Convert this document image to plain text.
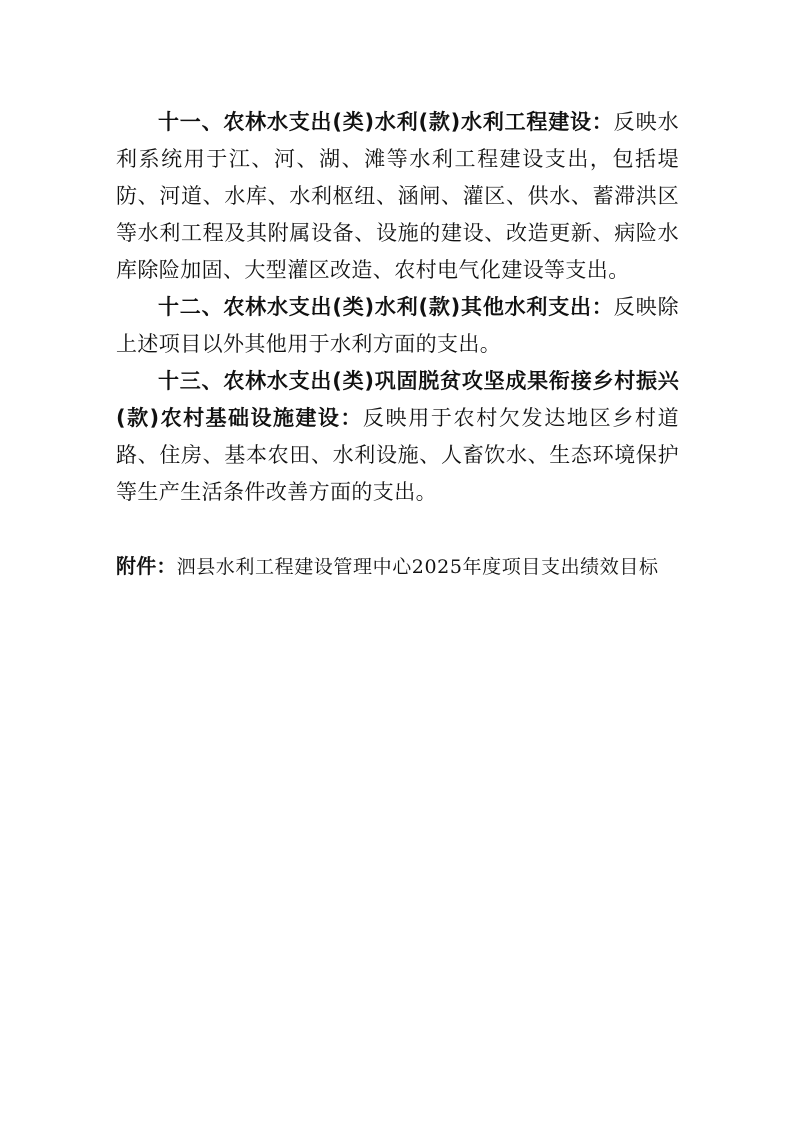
十一、农林水支出(类)水利(款)水利工程建设：反映水利系统用于江、河、湖、滩等水利工程建设支出，包括堤防、河道、水库、水利枢纽、涵闸、灌区、供水、蓄滞洪区等水利工程及其附属设备、设施的建设、改造更新、病险水库除险加固、大型灌区改造、农村电气化建设等支出。

十二、农林水支出(类)水利(款)其他水利支出：反映除上述项目以外其他用于水利方面的支出。

十三、农林水支出(类)巩固脱贫攻坚成果衔接乡村振兴(款)农村基础设施建设：反映用于农村欠发达地区乡村道路、住房、基本农田、水利设施、人畜饮水、生态环境保护等生产生活条件改善方面的支出。

附件：泗县水利工程建设管理中心2025年度项目支出绩效目标
